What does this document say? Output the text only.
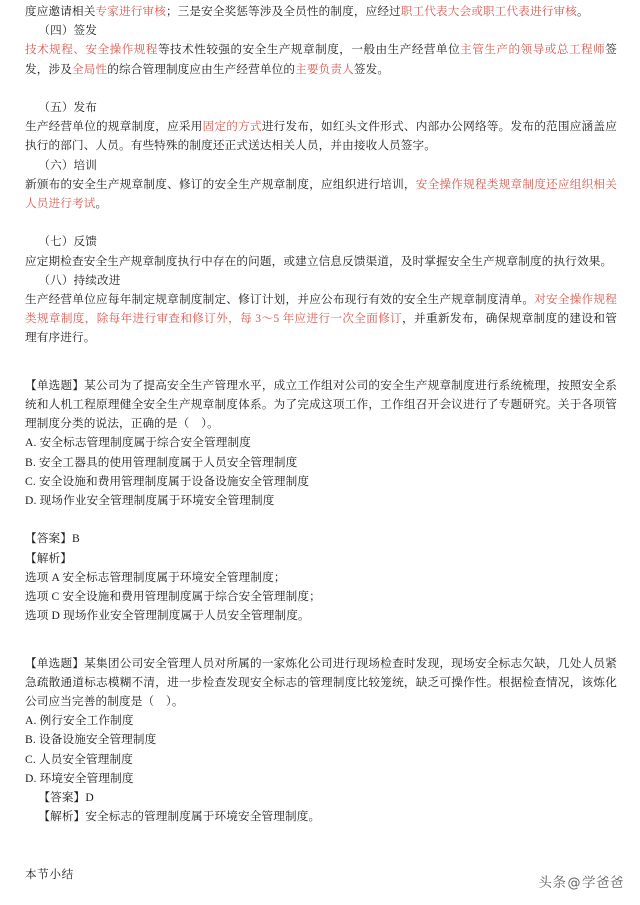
度应邀请相关专家进行审核；三是安全奖惩等涉及全员性的制度，应经过职工代表大会或职工代表进行审核。

（四）签发

技术规程、安全操作规程等技术性较强的安全生产规章制度，一般由生产经营单位主管生产的领导或总工程师签发，涉及全局性的综合管理制度应由生产经营单位的主要负责人签发。

（五）发布

生产经营单位的规章制度，应采用固定的方式进行发布，如红头文件形式、内部办公网络等。发布的范围应涵盖应执行的部门、人员。有些特殊的制度还正式送达相关人员，并由接收人员签字。

（六）培训

新颁布的安全生产规章制度、修订的安全生产规章制度，应组织进行培训，安全操作规程类规章制度还应组织相关人员进行考试。

（七）反馈

应定期检查安全生产规章制度执行中存在的问题，或建立信息反馈渠道，及时掌握安全生产规章制度的执行效果。

（八）持续改进

生产经营单位应每年制定规章制度制定、修订计划，并应公布现行有效的安全生产规章制度清单。对安全操作规程类规章制度，除每年进行审查和修订外，每 3～5 年应进行一次全面修订，并重新发布，确保规章制度的建设和管理有序进行。

【单选题】某公司为了提高安全生产管理水平，成立工作组对公司的安全生产规章制度进行系统梳理，按照安全系统和人机工程原理健全安全生产规章制度体系。为了完成这项工作，工作组召开会议进行了专题研究。关于各项管理制度分类的说法，正确的是（　）。

A. 安全标志管理制度属于综合安全管理制度

B. 安全工器具的使用管理制度属于人员安全管理制度

C. 安全设施和费用管理制度属于设备设施安全管理制度

D. 现场作业安全管理制度属于环境安全管理制度

【答案】B

【解析】

选项 A 安全标志管理制度属于环境安全管理制度；

选项 C 安全设施和费用管理制度属于综合安全管理制度；

选项 D 现场作业安全管理制度属于人员安全管理制度。

【单选题】某集团公司安全管理人员对所属的一家炼化公司进行现场检查时发现，现场安全标志欠缺，几处人员紧急疏散通道标志模糊不清，进一步检查发现安全标志的管理制度比较笼统，缺乏可操作性。根据检查情况，该炼化公司应当完善的制度是（　）。

A. 例行安全工作制度

B. 设备设施安全管理制度

C. 人员安全管理制度

D. 环境安全管理制度

【答案】D

【解析】安全标志的管理制度属于环境安全管理制度。

本节小结

头条@学爸爸
